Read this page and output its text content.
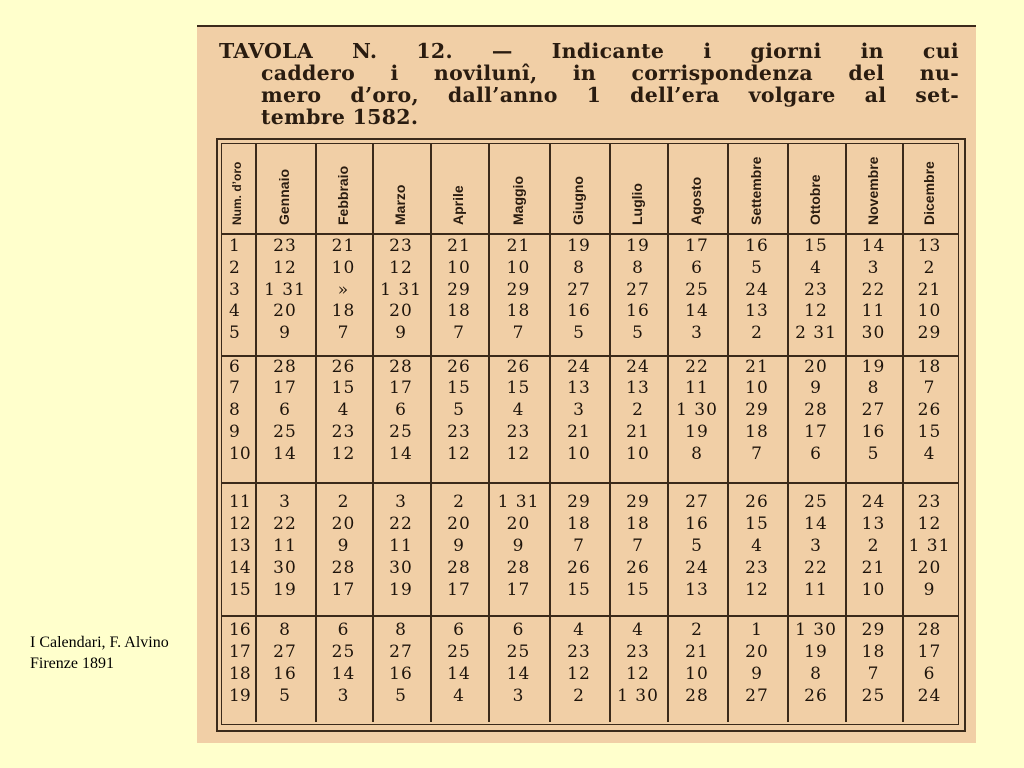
TAVOLA N. 12. — Indicante i giorni in cui
caddero i novilunî, in corrispondenza del nu-
mero d’oro, dall’anno 1 dell’era volgare al set-
tembre 1582.
Num. d’oro Gennaio	Febbraio	Marzo	Aprile	Maggio	Giugno	Luglio	Agosto	Settembre	Ottobre	Novembre	Dicembre
1	23	21	23	21	21	19	19	17	16	15	14	13
2	12	10	12	10	10	8	8	6	5	4	3	2
3	1 31	»	1 31	29	29	27	27	25	24	23	22	21
4	20	18	20	18	18	16	16	14	13	12	11	10
5	9	7	9	7	7	5	5	3	2	2 31	30	29
6	28	26	28	26	26	24	24	22	21	20	19	18
7	17	15	17	15	15	13	13	11	10	9	8	7
8	6	4	6	5	4	3	2	1 30	29	28	27	26
9	25	23	25	23	23	21	21	19	18	17	16	15
10	14	12	14	12	12	10	10	8	7	6	5	4
11	3	2	3	2	1 31	29	29	27	26	25	24	23
12	22	20	22	20	20	18	18	16	15	14	13	12
13	11	9	11	9	9	7	7	5	4	3	2	1 31
14	30	28	30	28	28	26	26	24	23	22	21	20
15	19	17	19	17	17	15	15	13	12	11	10	9
16	8	6	8	6	6	4	4	2	1	1 30	29	28
17	27	25	27	25	25	23	23	21	20	19	18	17
18	16	14	16	14	14	12	12	10	9	8	7	6
19	5	3	5	4	3	2	1 30	28	27	26	25	24
I Calendari, F. Alvino Firenze 1891
